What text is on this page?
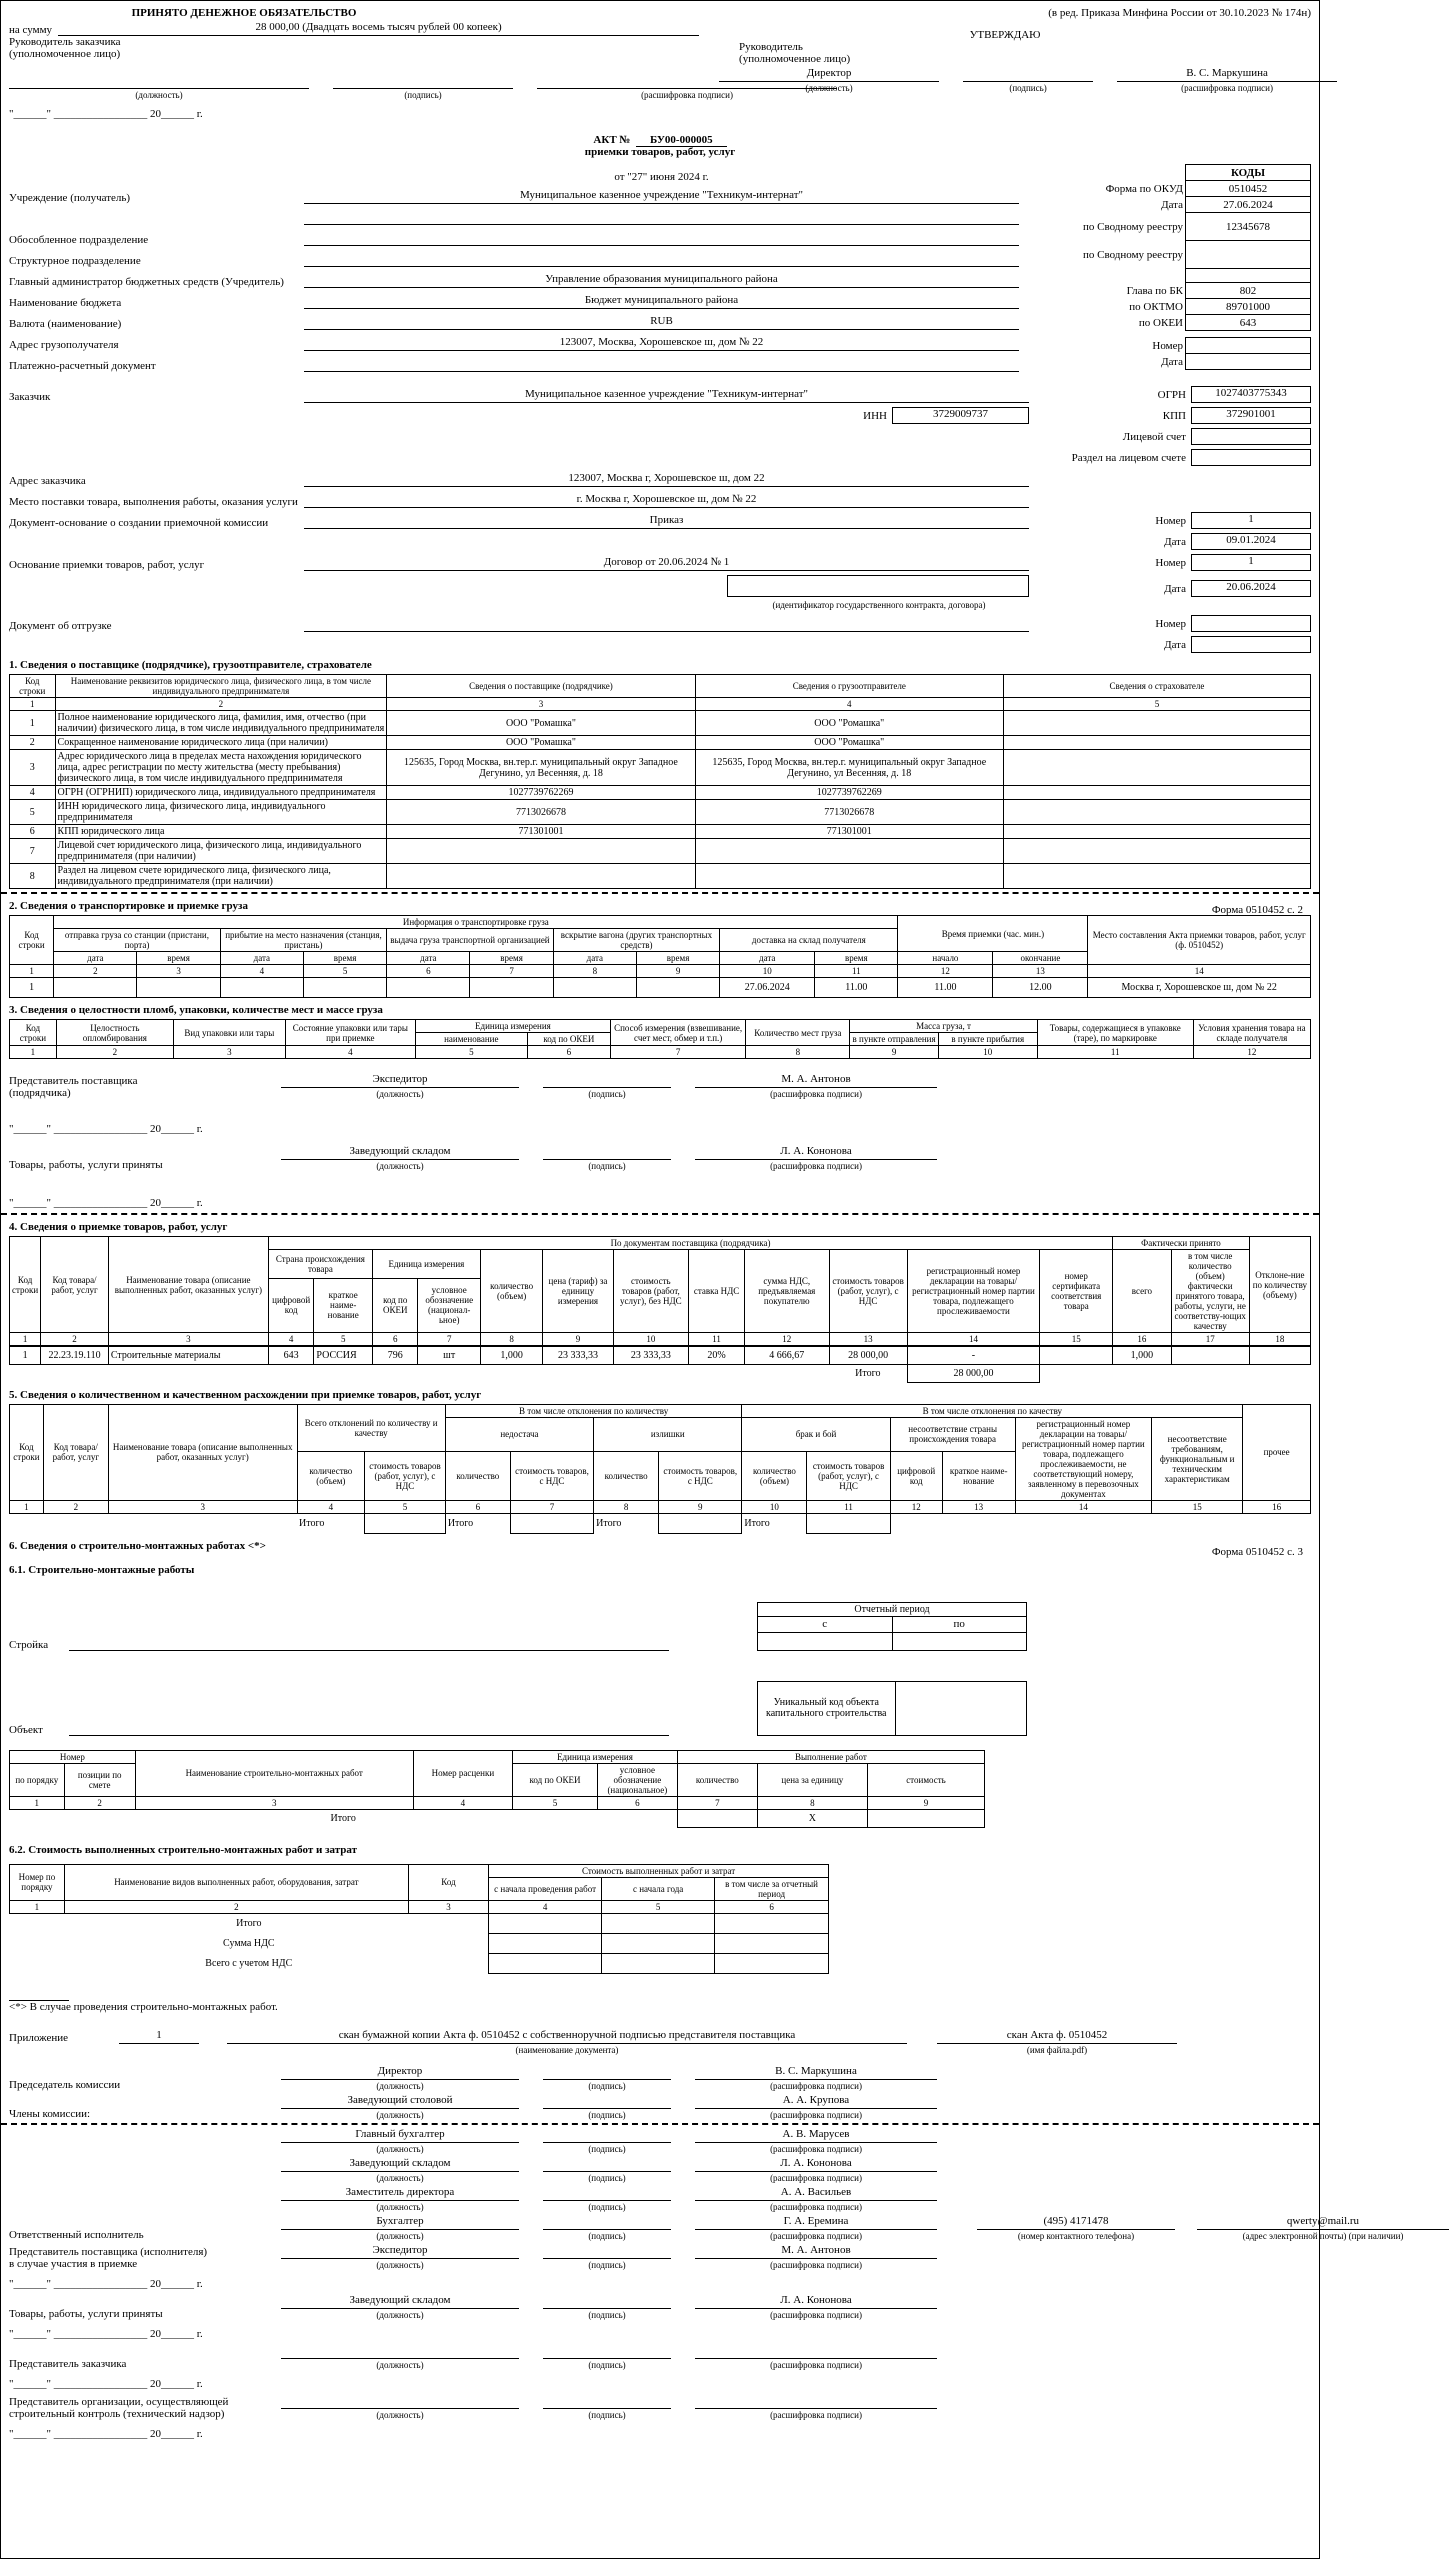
ПРИНЯТО ДЕНЕЖНОЕ ОБЯЗАТЕЛЬСТВО
на сумму	28 000,00 (Двадцать восемь тысяч рублей 00 копеек)
Руководитель заказчика
(уполномоченное лицо)
(должность)	(подпись)	(расшифровка подписи)
"______" _________________ 20______ г.
(в ред. Приказа Минфина России от 30.10.2023 № 174н)
УТВЕРЖДАЮ
Руководитель
(уполномоченное лицо)
Директор
(должность)	(подпись)
В. С. Маркушина
(расшифровка подписи)
АКТ № БУ00-000005
приемки товаров, работ, услуг
от "27" июня 2024 г.
Учреждение (получатель)	Муниципальное казенное учреждение "Техникум-интернат"
Обособленное подразделение
Структурное подразделение
Главный администратор бюджетных средств (Учредитель)	Управление образования муниципального района
Наименование бюджета	Бюджет муниципального района
Валюта (наименование)	RUB
Адрес грузополучателя	123007, Москва, Хорошевское ш, дом № 22
Платежно-расчетный документ
	КОДЫ
Форма по ОКУД	0510452
Дата	27.06.2024
по Сводному реестру	12345678
по Сводному реестру	

Глава по БК	802
по ОКТМО	89701000
по ОКЕИ	643

Номер	
Дата	
Заказчик	Муниципальное казенное учреждение "Техникум-интернат"	ОГРН	1027403775343
ИНН	3729009737	КПП	372901001
Лицевой счет
Раздел на лицевом счете
Адрес заказчика	123007, Москва г, Хорошевское ш, дом 22
Место поставки товара, выполнения работы, оказания услуги	г. Москва г, Хорошевское ш, дом № 22
Документ-основание о создании приемочной комиссии	Приказ	Номер	1
Дата	09.01.2024
Основание приемки товаров, работ, услуг	Договор от 20.06.2024 № 1	Номер	1
Дата	20.06.2024
(идентификатор государственного контракта, договора)
Документ об отгрузке	Номер
Дата
1. Сведения о поставщике (подрядчике), грузоотправителе, страхователе
Код строки	Наименование реквизитов юридического лица, физического лица, в том числе индивидуального предпринимателя	Сведения о поставщике (подрядчике)	Сведения о грузоотправителе	Сведения о страхователе
1	2	3	4	5
1	Полное наименование юридического лица, фамилия, имя, отчество (при наличии) физического лица, в том числе индивидуального предпринимателя	ООО "Ромашка"	ООО "Ромашка"	
2	Сокращенное наименование юридического лица (при наличии)	ООО "Ромашка"	ООО "Ромашка"	
3	Адрес юридического лица в пределах места нахождения юридического лица, адрес регистрации по месту жительства (месту пребывания) физического лица, в том числе индивидуального предпринимателя	125635, Город Москва, вн.тер.г. муниципальный округ Западное Дегунино, ул Весенняя, д. 18	125635, Город Москва, вн.тер.г. муниципальный округ Западное Дегунино, ул Весенняя, д. 18	
4	ОГРН (ОГРНИП) юридического лица, индивидуального предпринимателя	1027739762269	1027739762269	
5	ИНН юридического лица, физического лица, индивидуального предпринимателя	7713026678	7713026678	
6	КПП юридического лица	771301001	771301001	
7	Лицевой счет юридического лица, физического лица, индивидуального предпринимателя (при наличии)			
8	Раздел на лицевом счете юридического лица, физического лица, индивидуального предпринимателя (при наличии)			
2. Сведения о транспортировке и приемке груза	Форма 0510452 с. 2
Код строки	Информация о транспортировке груза										Время приемки (час. мин.)		Место составления Акта приемки товаров, работ, услуг (ф. 0510452)
	отправка груза со станции (пристани, порта)		прибытие на место назначения (станция, пристань)		выдача груза транспортной организацией		вскрытие вагона (других транспортных средств)		доставка на склад получателя				
	дата	время	дата	время	дата	время	дата	время	дата	время	начало	окончание	
1	2	3	4	5	6	7	8	9	10	11	12	13	14
1									27.06.2024	11.00	11.00	12.00	Москва г, Хорошевское ш, дом № 22
3. Сведения о целостности пломб, упаковки, количестве мест и массе груза
Код строки	Целостность опломбирования	Вид упаковки или тары	Состояние упаковки или тары при приемке	Единица измерения		Способ измерения (взвешивание, счет мест, обмер и т.п.)	Количество мест груза	Масса груза, т		Товары, содержащиеся в упаковке (таре), по маркировке	Условия хранения товара на складе получателя
				наименование	код по ОКЕИ			в пункте отправления	в пункте прибытия		
1	2	3	4	5	6	7	8	9	10	11	12
Представитель поставщика
(подрядчика)
Экспедитор
(должность)	(подпись)
М. А. Антонов
(расшифровка подписи)
"______" _________________ 20______ г.
Товары, работы, услуги приняты
Заведующий складом
(должность)	(подпись)
Л. А. Кононова
(расшифровка подписи)
"______" _________________ 20______ г.
4. Сведения о приемке товаров, работ, услуг
Код строки	Код товара/ работ, услуг	Наименование товара (описание выполненных работ, оказанных услуг)	По документам поставщика (подрядчика)												Фактически принято		Отклоне-ние по количеству (объему)
			Страна происхождения товара		Единица измерения		количество (объем)	цена (тариф) за единицу измерения	стоимость товаров (работ, услуг), без НДС	ставка НДС	сумма НДС, предъявляемая покупателю	стоимость товаров (работ, услуг), с НДС	регистрационный номер декларации на товары/ регистрационный номер партии товара, подлежащего прослеживаемости	номер сертификата соответствия товара	всего	в том числе количество (объем) фактически принятого товара, работы, услуги, не соответству-ющих качеству	
			цифровой код	краткое наиме-нование	код по ОКЕИ	условное обозначение (национал-ьное)											
1	2	3	4	5	6	7	8	9	10	11	12	13	14	15	16	17	18
1	22.23.19.110	Строительные материалы	643	РОССИЯ	796	шт	1,000	23 333,33	23 333,33	20%	4 666,67	28 000,00	-		1,000		
												Итого	28 000,00				
5. Сведения о количественном и качественном расхождении при приемке товаров, работ, услуг
Код строки	Код товара/ работ, услуг	Наименование товара (описание выполненных работ, оказанных услуг)	Всего отклонений по количеству и качеству		В том числе отклонения по количеству				В том числе отклонения по качеству						прочее
					недостача		излишки		брак и бой		несоответствие страны происхождения товара		регистрационный номер декларации на товары/ регистрационный номер партии товара, подлежащего прослеживаемости, не соответствующий номеру, заявленному в перевозочных документах	несоответствие требованиям, функциональным и техническим характеристикам	
			количество (объем)	стоимость товаров (работ, услуг), с НДС	количество	стоимость товаров, с НДС	количество	стоимость товаров, с НДС	количество (объем)	стоимость товаров (работ, услуг), с НДС	цифровой код	краткое наиме-нование			
1	2	3	4	5	6	7	8	9	10	11	12	13	14	15	16
			Итого		Итого		Итого		Итого						
6. Сведения о строительно-монтажных работах <*>	Форма 0510452 с. 3
6.1. Строительно-монтажные работы
Стройка
Отчетный период	
с	по

Объект
Уникальный код объекта капитального строительства	
Номер		Наименование строительно-монтажных работ	Номер расценки	Единица измерения		Выполнение работ		
по порядку	позиции по смете			код по ОКЕИ	условное обозначение (национальное)	количество	цена за единицу	стоимость
1	2	3	4	5	6	7	8	9
Итого							X	
6.2. Стоимость выполненных строительно-монтажных работ и затрат
Номер по порядку	Наименование видов выполненных работ, оборудования, затрат	Код	Стоимость выполненных работ и затрат		
			с начала проведения работ	с начала года	в том числе за отчетный период
1	2	3	4	5	6
Итого					
Сумма НДС					
Всего с учетом НДС					
<*> В случае проведения строительно-монтажных работ.
Приложение	1	скан бумажной копии Акта ф. 0510452 с собственноручной подписью представителя поставщика	скан Акта ф. 0510452
(наименование документа)	(имя файла.pdf)
Председатель комиссии
Директор
(должность)	(подпись)
В. С. Маркушина
(расшифровка подписи)
Члены комиссии:
Заведующий столовой
(должность)	(подпись)
А. А. Крупова
(расшифровка подписи)
Главный бухгалтер
(должность)	(подпись)
А. В. Марусев
(расшифровка подписи)
Заведующий складом
(должность)	(подпись)
Л. А. Кононова
(расшифровка подписи)
Заместитель директора
(должность)	(подпись)
А. А. Васильев
(расшифровка подписи)
Ответственный исполнитель
Бухгалтер
(должность)	(подпись)
Г. А. Еремина
(расшифровка подписи)
(495) 4171478
(номер контактного телефона)
qwerty@mail.ru
(адрес электронной почты) (при наличии)
Представитель поставщика (исполнителя)
в случае участия в приемке
Экспедитор
(должность)	(подпись)
М. А. Антонов
(расшифровка подписи)
"______" _________________ 20______ г.
Товары, работы, услуги приняты
Заведующий складом
(должность)	(подпись)
Л. А. Кононова
(расшифровка подписи)
"______" _________________ 20______ г.
Представитель заказчика	(должность)	(подпись)	(расшифровка подписи)
"______" _________________ 20______ г.
Представитель организации, осуществляющей
строительный контроль (технический надзор)	(должность)	(подпись)	(расшифровка подписи)
"______" _________________ 20______ г.
